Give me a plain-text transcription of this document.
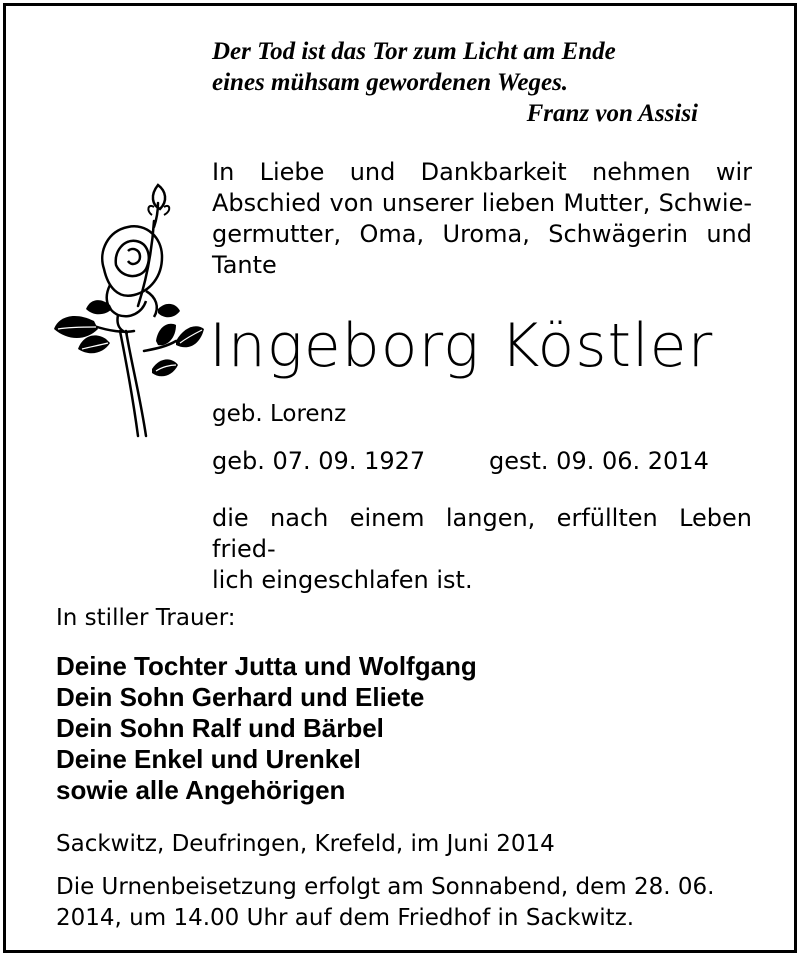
Der Tod ist das Tor zum Licht am Ende
eines mühsam gewordenen Weges.
Franz von Assisi
In Liebe und Dankbarkeit nehmen wir
Abschied von unserer lieben Mutter, Schwie-
germutter, Oma, Uroma, Schwägerin und
Tante
Ingeborg Köstler
geb. Lorenz
geb. 07. 09. 1927	gest. 09. 06. 2014
die nach einem langen, erfüllten Leben fried-
lich eingeschlafen ist.
In stiller Trauer:
Deine Tochter Jutta und Wolfgang
Dein Sohn Gerhard und Eliete
Dein Sohn Ralf und Bärbel
Deine Enkel und Urenkel
sowie alle Angehörigen
Sackwitz, Deufringen, Krefeld, im Juni 2014
Die Urnenbeisetzung erfolgt am Sonnabend, dem 28. 06.
2014, um 14.00 Uhr auf dem Friedhof in Sackwitz.
